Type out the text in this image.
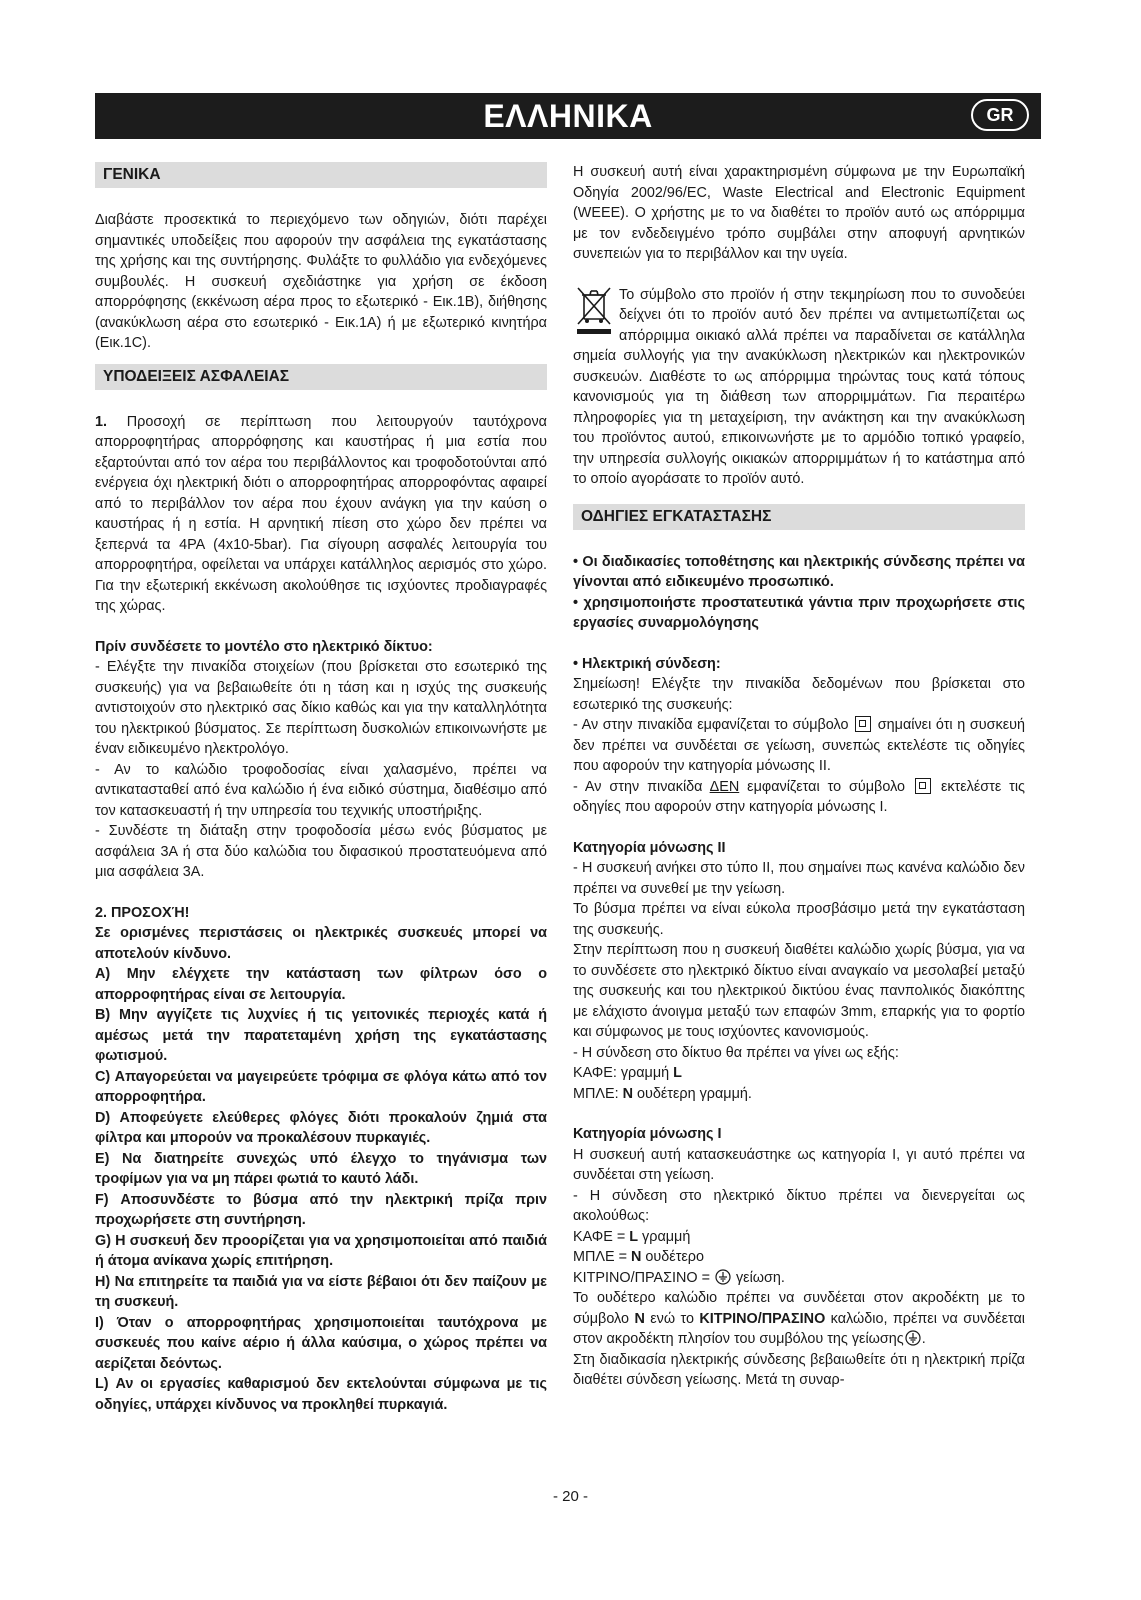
ΕΛΛΗΝΙΚΑ	GR
ΓΕΝΙΚΑ

Διαβάστε προσεκτικά το περιεχόμενο των οδηγιών, διότι παρέχει σημαντικές υποδείξεις που αφορούν την ασφάλεια της εγκατάστασης της χρήσης και της συντήρησης. Φυλάξτε το φυλλάδιο για ενδεχόμενες συμβουλές. Η συσκευή σχεδιάστηκε για χρήση σε έκδοση απορρόφησης (εκκένωση αέρα προς το εξωτερικό - Εικ.1B), διήθησης (ανακύκλωση αέρα στο εσωτερικό - Εικ.1A) ή με εξωτερικό κινητήρα (Εικ.1C).

ΥΠΟΔΕΙΞΕΙΣ ΑΣΦΑΛΕΙΑΣ

1. Προσοχή σε περίπτωση που λειτουργούν ταυτόχρονα απορροφητήρας απορρόφησης και καυστήρας ή μια εστία που εξαρτούνται από τον αέρα του περιβάλλοντος και τροφοδοτούνται από ενέργεια όχι ηλεκτρική διότι ο απορροφητήρας απορροφόντας αφαιρεί από το περιβάλλον τον αέρα που έχουν ανάγκη για την καύση ο καυστήρας ή η εστία. Η αρνητική πίεση στο χώρο δεν πρέπει να ξεπερνά τα 4PA (4x10-5bar). Για σίγουρη ασφαλές λειτουργία του απορροφητήρα, οφείλεται να υπάρχει κατάλληλος αερισμός στο χώρο. Για την εξωτερική εκκένωση ακολούθησε τις ισχύοντες προδιαγραφές της χώρας.

Πρίν συνδέσετε το μοντέλο στο ηλεκτρικό δίκτυο:

- Ελέγξτε την πινακίδα στοιχείων (που βρίσκεται στο εσωτερικό της συσκευής) για να βεβαιωθείτε ότι η τάση και η ισχύς της συσκευής αντιστοιχούν στο ηλεκτρικό σας δίκιο καθώς και για την καταλληλότητα του ηλεκτρικού βύσματος. Σε περίπτωση δυσκολιών επικοινωνήστε με έναν ειδικευμένο ηλεκτρολόγο.

- Αν το καλώδιο τροφοδοσίας είναι χαλασμένο, πρέπει να αντικατασταθεί από ένα καλώδιο ή ένα ειδικό σύστημα, διαθέσιμο από τον κατασκευαστή ή την υπηρεσία του τεχνικής υποστήριξης.

- Συνδέστε τη διάταξη στην τροφοδοσία μέσω ενός βύσματος με ασφάλεια 3A ή στα δύο καλώδια του διφασικού προστατευόμενα από μια ασφάλεια 3A.

2. ΠΡΟΣΟΧΉ!

Σε ορισμένες περιστάσεις οι ηλεκτρικές συσκευές μπορεί να αποτελούν κίνδυνο.

A) Μην ελέγχετε την κατάσταση των φίλτρων όσο ο απορροφητήρας είναι σε λειτουργία.

B) Μην αγγίζετε τις λυχνίες ή τις γειτονικές περιοχές κατά ή αμέσως μετά την παρατεταμένη χρήση της εγκατάστασης φωτισμού.

C) Απαγορεύεται να μαγειρεύετε τρόφιμα σε φλόγα κάτω από τον απορροφητήρα.

D) Αποφεύγετε ελεύθερες φλόγες διότι προκαλούν ζημιά στα φίλτρα και μπορούν να προκαλέσουν πυρκαγιές.

E) Να διατηρείτε συνεχώς υπό έλεγχο το τηγάνισμα των τροφίμων για να μη πάρει φωτιά το καυτό λάδι.

F) Αποσυνδέστε το βύσμα από την ηλεκτρική πρίζα πριν προχωρήσετε στη συντήρηση.

G) Η συσκευή δεν προορίζεται για να χρησιμοποιείται από παιδιά ή άτομα ανίκανα χωρίς επιτήρηση.

H) Να επιτηρείτε τα παιδιά για να είστε βέβαιοι ότι δεν παίζουν με τη συσκευή.

I) Όταν ο απορροφητήρας χρησιμοποιείται ταυτόχρονα με συσκευές που καίνε αέριο ή άλλα καύσιμα, ο χώρος πρέπει να αερίζεται δεόντως.

L) Αν οι εργασίες καθαρισμού δεν εκτελούνται σύμφωνα με τις οδηγίες, υπάρχει κίνδυνος να προκληθεί πυρκαγιά.

Η συσκευή αυτή είναι χαρακτηρισμένη σύμφωνα με την Ευρωπαϊκή Οδηγία 2002/96/EC, Waste Electrical and Electronic Equipment (WEEE). Ο χρήστης με το να διαθέτει το προϊόν αυτό ως απόρριμμα με τον ενδεδειγμένο τρόπο συμβάλει στην αποφυγή αρνητικών συνεπειών για το περιβάλλον και την υγεία.

Το σύμβολο στο προϊόν ή στην τεκμηρίωση που το συνοδεύει δείχνει ότι το προϊόν αυτό δεν πρέπει να αντιμετωπίζεται ως απόρριμμα οικιακό αλλά πρέπει να παραδίνεται σε κατάλληλα σημεία συλλογής για την ανακύκλωση ηλεκτρικών και ηλεκτρονικών συσκευών. Διαθέστε το ως απόρριμμα τηρώντας τους κατά τόπους κανονισμούς για τη διάθεση των απορριμμάτων. Για περαιτέρω πληροφορίες για τη μεταχείριση, την ανάκτηση και την ανακύκλωση του προϊόντος αυτού, επικοινωνήστε με το αρμόδιο τοπικό γραφείο, την υπηρεσία συλλογής οικιακών απορριμμάτων ή το κατάστημα από το οποίο αγοράσατε το προϊόν αυτό.

ΟΔΗΓΙΕΣ ΕΓΚΑΤΑΣΤΑΣΗΣ

• Οι διαδικασίες τοποθέτησης και ηλεκτρικής σύνδεσης πρέπει να γίνονται από ειδικευμένο προσωπικό.

• χρησιμοποιήστε προστατευτικά γάντια πριν προχωρήσετε στις εργασίες συναρμολόγησης

• Ηλεκτρική σύνδεση:

Σημείωση! Ελέγξτε την πινακίδα δεδομένων που βρίσκεται στο εσωτερικό της συσκευής:

- Αν στην πινακίδα εμφανίζεται το σύμβολο σημαίνει ότι η συσκευή δεν πρέπει να συνδέεται σε γείωση, συνεπώς εκτελέστε τις οδηγίες που αφορούν την κατηγορία μόνωσης II.

- Αν στην πινακίδα ΔΕΝ εμφανίζεται το σύμβολο εκτελέστε τις οδηγίες που αφορούν στην κατηγορία μόνωσης I.

Κατηγορία μόνωσης II

- Η συσκευή ανήκει στο τύπο II, που σημαίνει πως κανένα καλώδιο δεν πρέπει να συνεθεί με την γείωση.

Το βύσμα πρέπει να είναι εύκολα προσβάσιμο μετά την εγκατάσταση της συσκευής.

Στην περίπτωση που η συσκευή διαθέτει καλώδιο χωρίς βύσμα, για να το συνδέσετε στο ηλεκτρικό δίκτυο είναι αναγκαίο να μεσολαβεί μεταξύ της συσκευής και του ηλεκτρικού δικτύου ένας πανπολικός διακόπτης με ελάχιστο άνοιγμα μεταξύ των επαφών 3mm, επαρκής για το φορτίο και σύμφωνος με τους ισχύοντες κανονισμούς.

- Η σύνδεση στο δίκτυο θα πρέπει να γίνει ως εξής:

ΚΑΦΕ: γραμμή L

ΜΠΛΕ: N ουδέτερη γραμμή.

Κατηγορία μόνωσης I

Η συσκευή αυτή κατασκευάστηκε ως κατηγορία I, γι αυτό πρέπει να συνδέεται στη γείωση.

- Η σύνδεση στο ηλεκτρικό δίκτυο πρέπει να διενεργείται ως ακολούθως:

ΚΑΦΕ = L γραμμή

ΜΠΛΕ = N ουδέτερο

ΚΙΤΡΙΝΟ/ΠΡΑΣΙΝΟ =  γείωση.

Το ουδέτερο καλώδιο πρέπει να συνδέεται στον ακροδέκτη με το σύμβολο N ενώ το ΚΙΤΡΙΝΟ/ΠΡΑΣΙΝΟ καλώδιο, πρέπει να συνδέεται στον ακροδέκτη πλησίον του συμβόλου της γείωσης .

Στη διαδικασία ηλεκτρικής σύνδεσης βεβαιωθείτε ότι η ηλεκτρική πρίζα διαθέτει σύνδεση γείωσης. Μετά τη συναρ-

- 20 -
